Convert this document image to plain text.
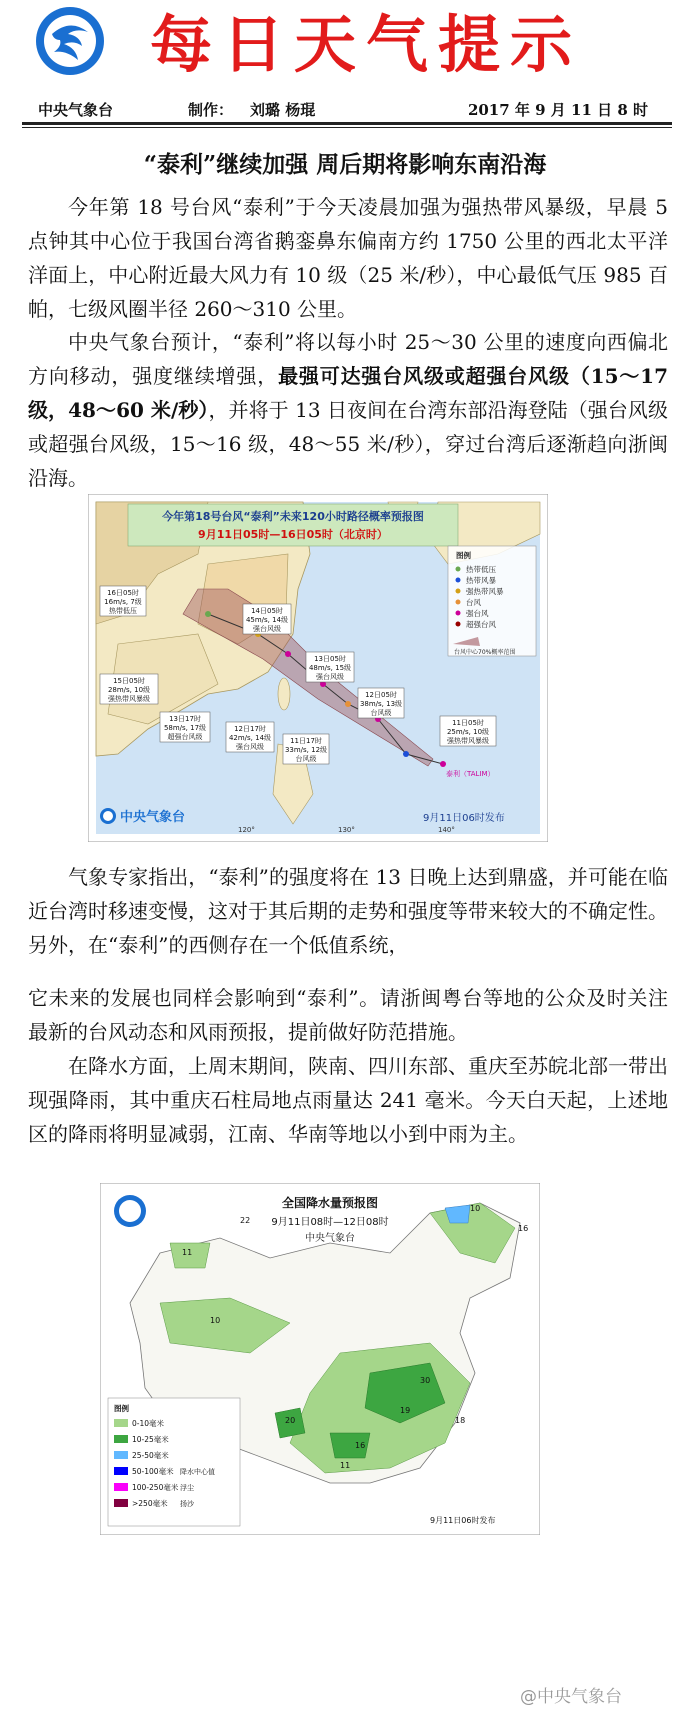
每日天气提示
中央气象台	制作： 刘璐 杨琨	2017 年 9 月 11 日 8 时
“泰利”继续加强 周后期将影响东南沿海
今年第 18 号台风“泰利”于今天凌晨加强为强热带风暴级，早晨 5 点钟其中心位于我国台湾省鹅銮鼻东偏南方约 1750 公里的西北太平洋洋面上，中心附近最大风力有 10 级（25 米/秒），中心最低气压 985 百帕，七级风圈半径 260～310 公里。
中央气象台预计，“泰利”将以每小时 25～30 公里的速度向西偏北方向移动，强度继续增强，最强可达强台风级或超强台风级（15～17 级，48～60 米/秒），并将于 13 日夜间在台湾东部沿海登陆（强台风级或超强台风级，15～16 级，48～55 米/秒），穿过台湾后逐渐趋向浙闽沿海。
今年第18号台风“泰利”未来120小时路径概率预报图
9月11日05时—16日05时（北京时）
16日05时
16m/s, 7级
热带低压
15日05时
28m/s, 10级
强热带风暴级
14日05时
45m/s, 14级
强台风级
13日05时
48m/s, 15级
强台风级
13日17时
58m/s, 17级
超强台风级
12日05时
38m/s, 13级
台风级
12日17时
42m/s, 14级
强台风级
11日05时
25m/s, 10级
强热带风暴级
11日17时
33m/s, 12级
台风级
泰利（TALIM）
图例
热带低压
热带风暴
强热带风暴
台风
强台风
超强台风
台风中心70%概率范围
120°	130°	140°
中央气象台	9月11日06时发布
气象专家指出，“泰利”的强度将在 13 日晚上达到鼎盛，并可能在临近台湾时移速变慢，这对于其后期的走势和强度等带来较大的不确定性。另外，在“泰利”的西侧存在一个低值系统，
它未来的发展也同样会影响到“泰利”。请浙闽粤台等地的公众及时关注最新的台风动态和风雨预报，提前做好防范措施。
在降水方面，上周末期间，陕南、四川东部、重庆至苏皖北部一带出现强降雨，其中重庆石柱局地点雨量达 241 毫米。今天白天起，上述地区的降雨将明显减弱，江南、华南等地以小到中雨为主。
全国降水量预报图
9月11日08时—12日08时
中央气象台
10
16
22
11
10
20
30
19
16
11
18
图例
0-10毫米
10-25毫米
25-50毫米
50-100毫米
100-250毫米
>250毫米
降水中心值
浮尘
扬沙
9月11日06时发布
@中央气象台
